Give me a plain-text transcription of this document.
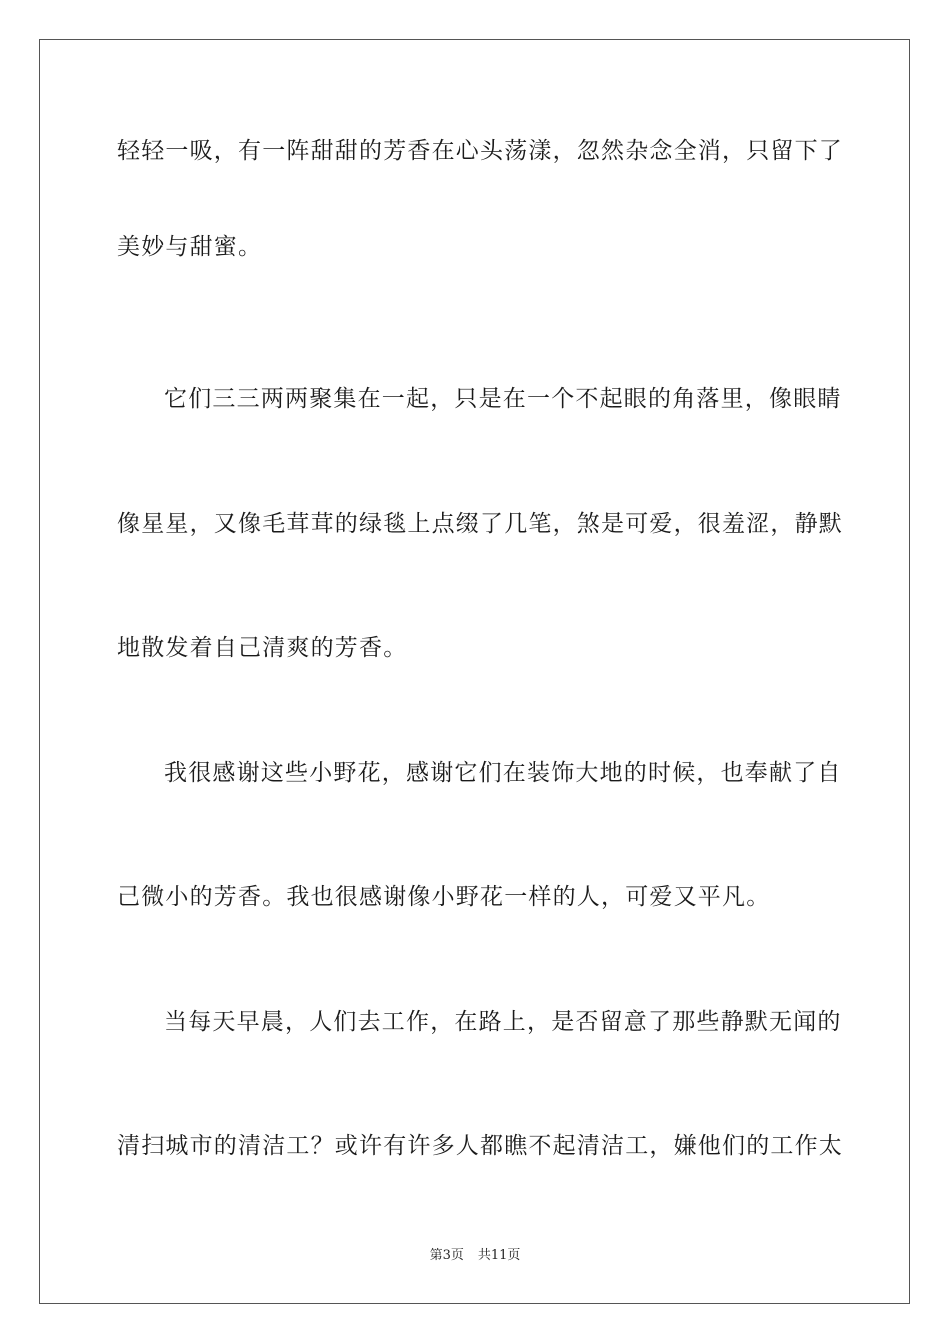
轻轻一吸，有一阵甜甜的芳香在心头荡漾，忽然杂念全消，只留下了
美妙与甜蜜。
它们三三两两聚集在一起，只是在一个不起眼的角落里，像眼睛
像星星，又像毛茸茸的绿毯上点缀了几笔，煞是可爱，很羞涩，静默
地散发着自己清爽的芳香。
我很感谢这些小野花，感谢它们在装饰大地的时候，也奉献了自
己微小的芳香。我也很感谢像小野花一样的人，可爱又平凡。
当每天早晨，人们去工作，在路上，是否留意了那些静默无闻的
清扫城市的清洁工？或许有许多人都瞧不起清洁工，嫌他们的工作太
第3页 共11页
